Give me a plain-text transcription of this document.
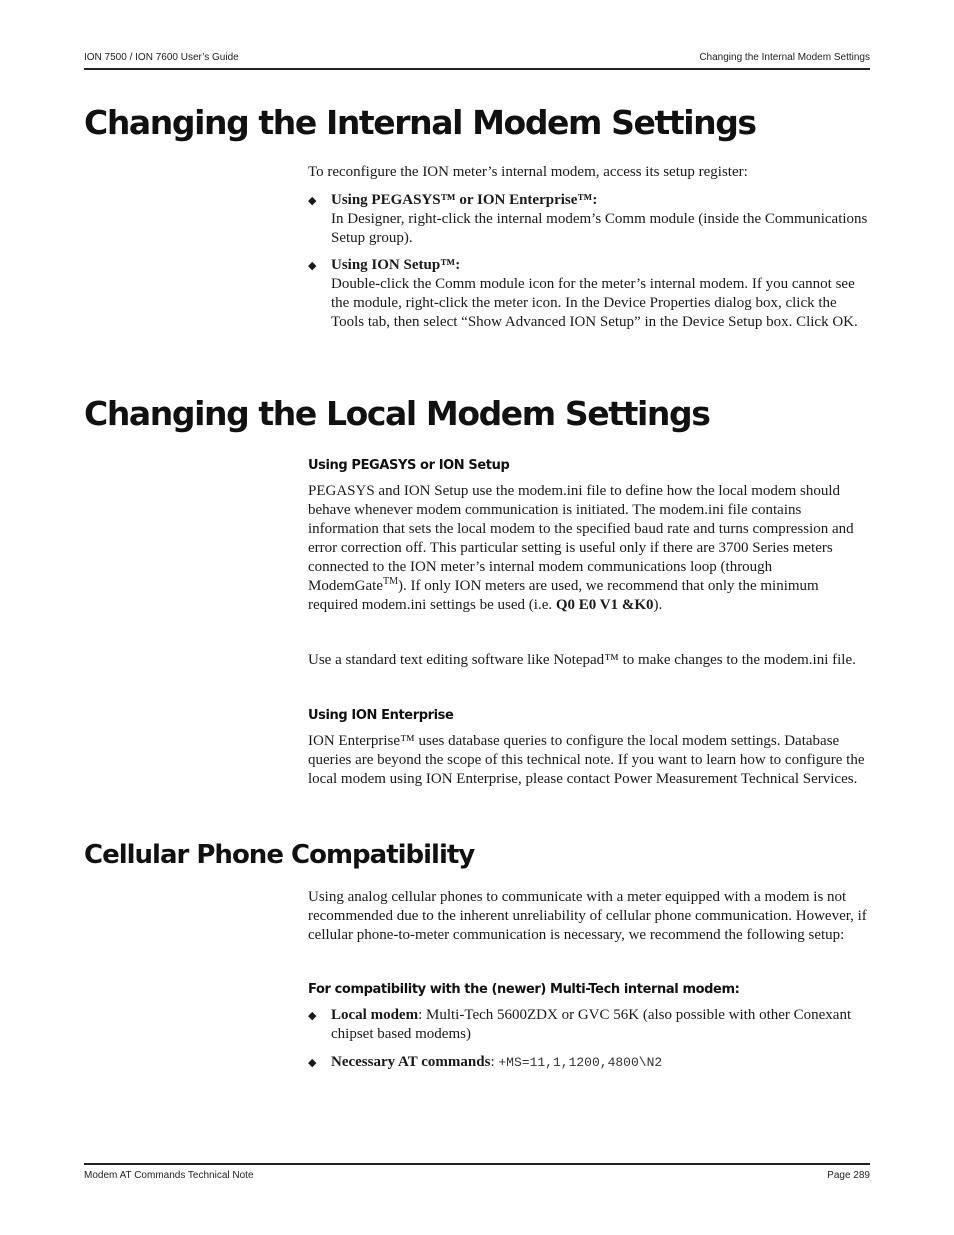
ION 7500 / ION 7600 User’s Guide	Changing the Internal Modem Settings
Changing the Internal Modem Settings

To reconfigure the ION meter’s internal modem, access its setup register:

◆ Using PEGASYS™ or ION Enterprise™:
In Designer, right-click the internal modem’s Comm module (inside the Communications Setup group).
◆ Using ION Setup™:
Double-click the Comm module icon for the meter’s internal modem. If you cannot see the module, right-click the meter icon. In the Device Properties dialog box, click the Tools tab, then select “Show Advanced ION Setup” in the Device Setup box. Click OK.
Changing the Local Modem Settings
Using PEGASYS or ION Setup

PEGASYS and ION Setup use the modem.ini file to define how the local modem should behave whenever modem communication is initiated. The modem.ini file contains information that sets the local modem to the specified baud rate and turns compression and error correction off. This particular setting is useful only if there are 3700 Series meters connected to the ION meter’s internal modem communications loop (through ModemGate™). If only ION meters are used, we recommend that only the minimum required modem.ini settings be used (i.e. Q0 E0 V1 &K0).

Use a standard text editing software like Notepad™ to make changes to the modem.ini file.

Using ION Enterprise

ION Enterprise™ uses database queries to configure the local modem settings. Database queries are beyond the scope of this technical note. If you want to learn how to configure the local modem using ION Enterprise, please contact Power Measurement Technical Services.

Cellular Phone Compatibility

Using analog cellular phones to communicate with a meter equipped with a modem is not recommended due to the inherent unreliability of cellular phone communication. However, if cellular phone-to-meter communication is necessary, we recommend the following setup:

For compatibility with the (newer) Multi-Tech internal modem:
◆ Local modem: Multi-Tech 5600ZDX or GVC 56K (also possible with other Conexant chipset based modems)
◆ Necessary AT commands: +MS=11,1,1200,4800\N2
Modem AT Commands Technical Note	Page 289
